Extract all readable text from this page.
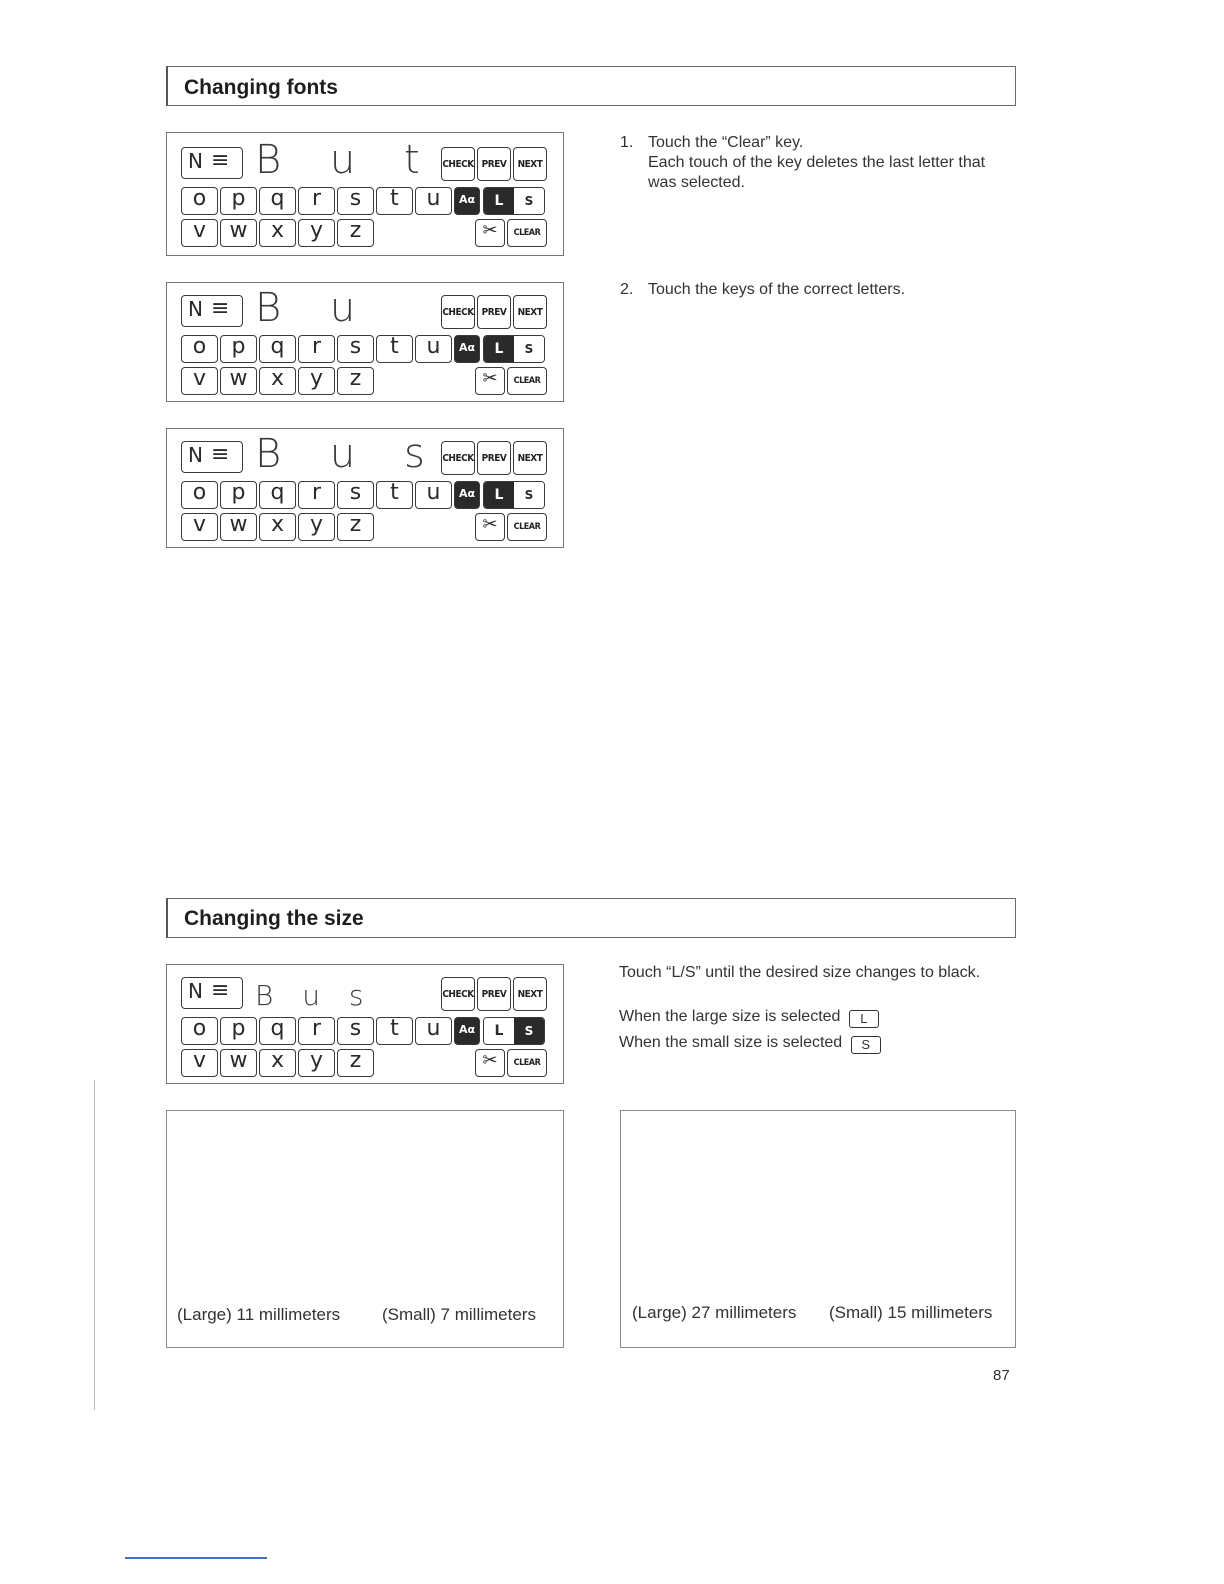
Changing fonts
N ≡ B u t CHECK PREV	NEXT
o	p	q	r	s	t	u	Aα	L	S
v	w	x	y	z	✂	CLEAR
N ≡ B u	CHECK PREV	NEXT
o	p	q	r	s	t	u	Aα	L	S
v	w	x	y	z	✂	CLEAR
N ≡ B u s CHECK PREV	NEXT
o	p	q	r	s	t	u	Aα	L	S
v	w	x	y	z	✂	CLEAR
1. Touch the “Clear” key.
Each touch of the key deletes the last letter that
was selected.
2. Touch the keys of the correct letters.
Changing the size
N ≡ B u s	CHECK PREV	NEXT
o	p	q	r	s	t	u	Aα	L	S
v	w	x	y	z	✂	CLEAR
Touch “L/S” until the desired size changes to black.
When the large size is selected L
When the small size is selected S
(Large) 11 millimeters (Small) 7 millimeters	(Large) 27 millimeters (Small) 15 millimeters
87
